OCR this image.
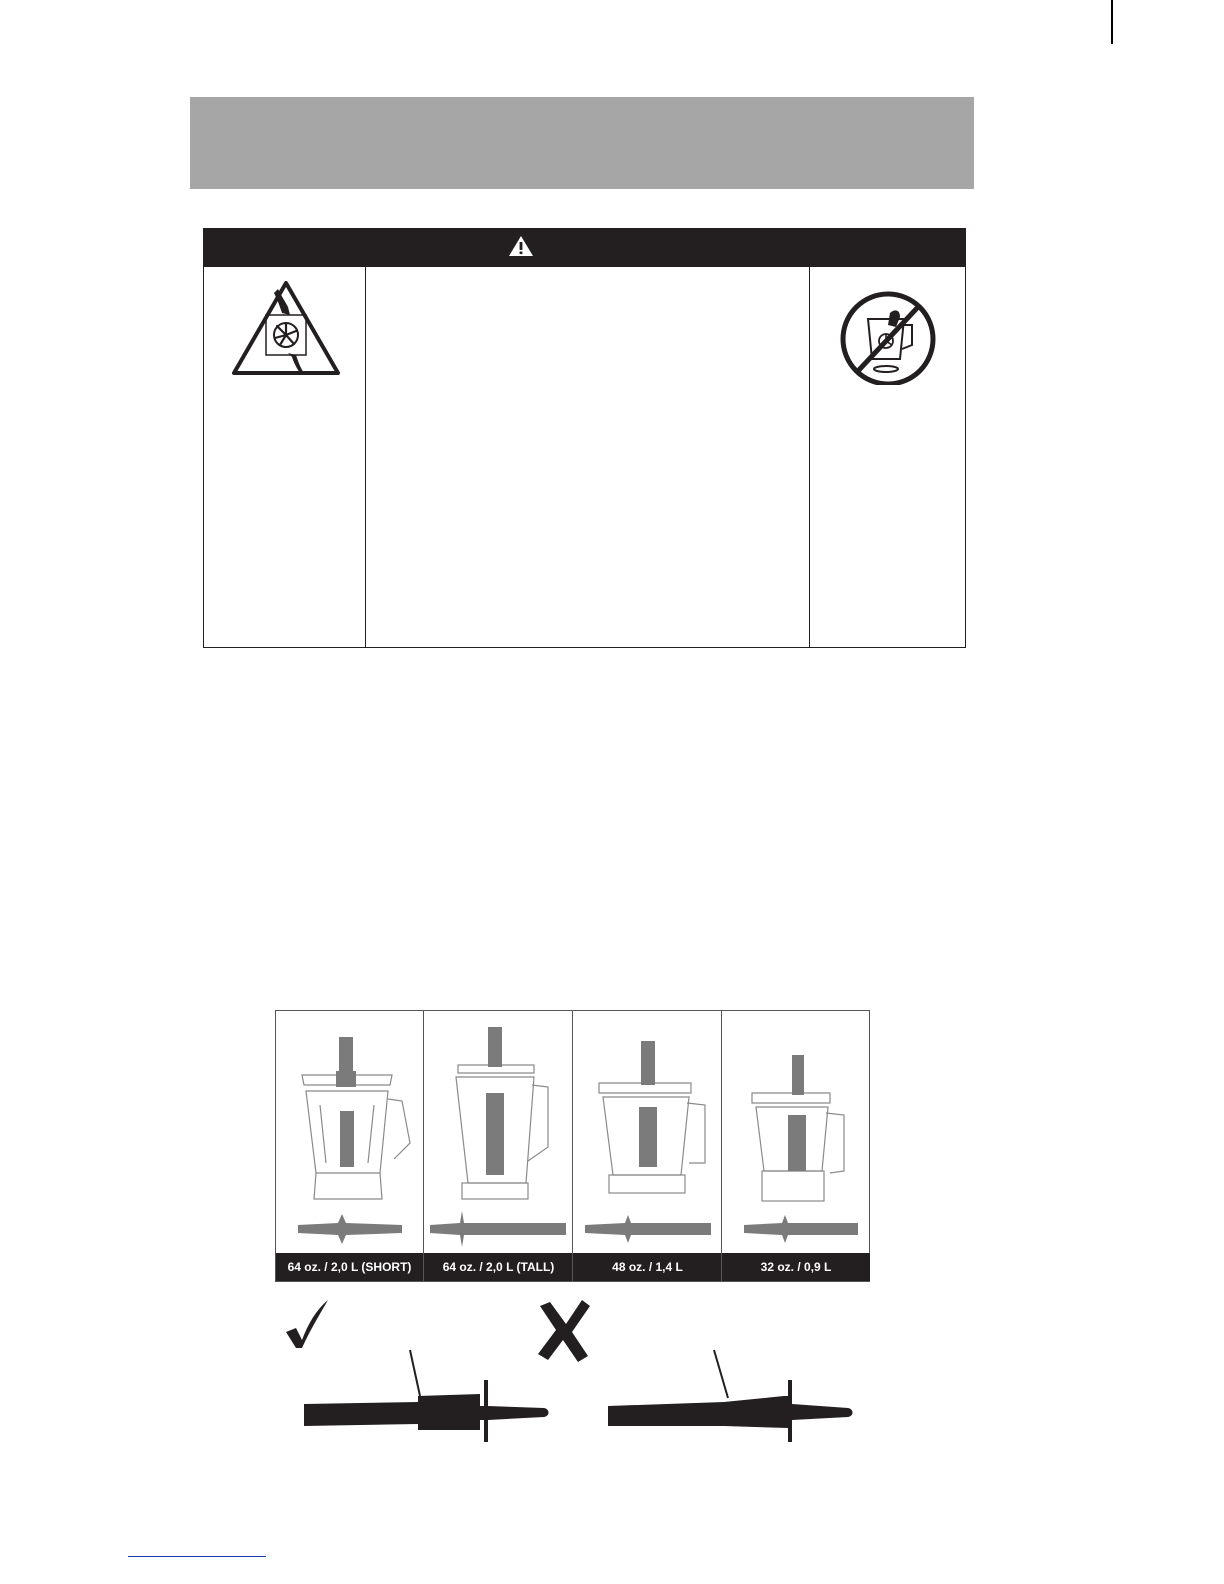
64 oz. / 2,0 L (SHORT)	64 oz. / 2,0 L (TALL)	48 oz. / 1,4 L	32 oz. / 0,9 L
